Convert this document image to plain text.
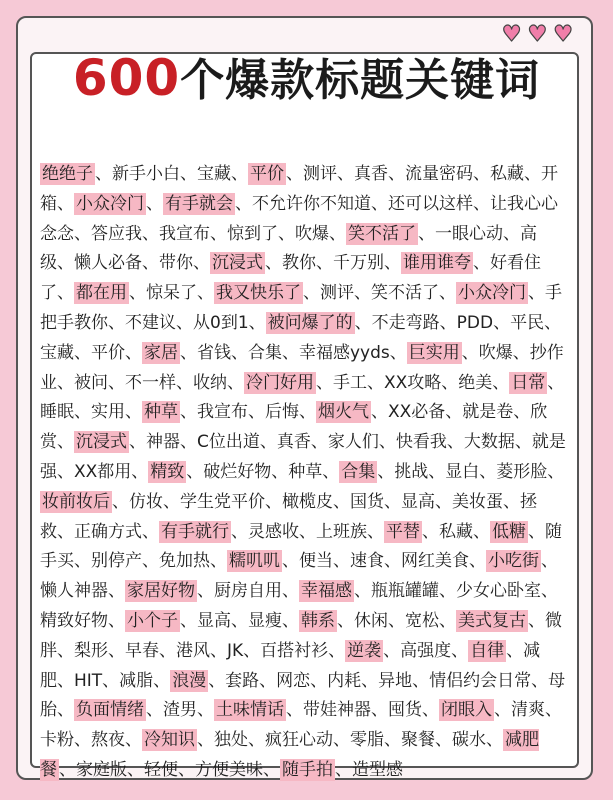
♥ ♥ ♥
600个爆款标题关键词

绝绝子 、新手小白、宝藏、 平价 、测评、真香、流量密码、私藏、开箱、 小众冷门 、 有手就会 、不允许你不知道、还可以这样、让我心心念念、答应我、我宣布、惊到了、吹爆、 笑不活了 、一眼心动、高级、懒人必备、带你、 沉浸式 、教你、千万别、 谁用谁夸 、好看住了、 都在用 、惊呆了、 我又快乐了 、测评、笑不活了、 小众冷门 、手把手教你、不建议、从0到1、 被问爆了的 、不走弯路、PDD、平民、宝藏、平价、 家居 、省钱、合集、幸福感yyds、 巨实用 、吹爆、抄作业、被问、不一样、收纳、 冷门好用 、手工、XX攻略、绝美、 日常 、睡眠、实用、 种草 、我宣布、后悔、 烟火气 、XX必备、就是卷、欣赏、 沉浸式 、神器、C位出道、真香、家人们、快看我、大数据、就是强、XX都用、 精致 、破烂好物、种草、 合集 、挑战、显白、菱形脸、妆前妆后 、仿妆、学生党平价、橄榄皮、国货、显高、美妆蛋、拯救、正确方式、 有手就行 、灵感收、上班族、 平替 、私藏、 低糖 、随手买、别停产、免加热、 糯叽叽 、便当、速食、网红美食、 小吃街 、懒人神器、 家居好物 、厨房自用、 幸福感 、瓶瓶罐罐、少女心卧室、精致好物、 小个子 、显高、显瘦、 韩系 、休闲、宽松、 美式复古 、微胖、梨形、早春、港风、JK、百搭衬衫、 逆袭 、高强度、 自律 、减肥、HIT、减脂、 浪漫 、套路、网恋、内耗、异地、情侣约会日常、母胎、 负面情绪 、渣男、 土味情话 、带娃神器、囤货、 闭眼入 、清爽、卡粉、熬夜、 冷知识 、独处、疯狂心动、零脂、聚餐、碳水、 减肥餐 、家庭版、轻便、方便美味、 随手拍 、造型感
